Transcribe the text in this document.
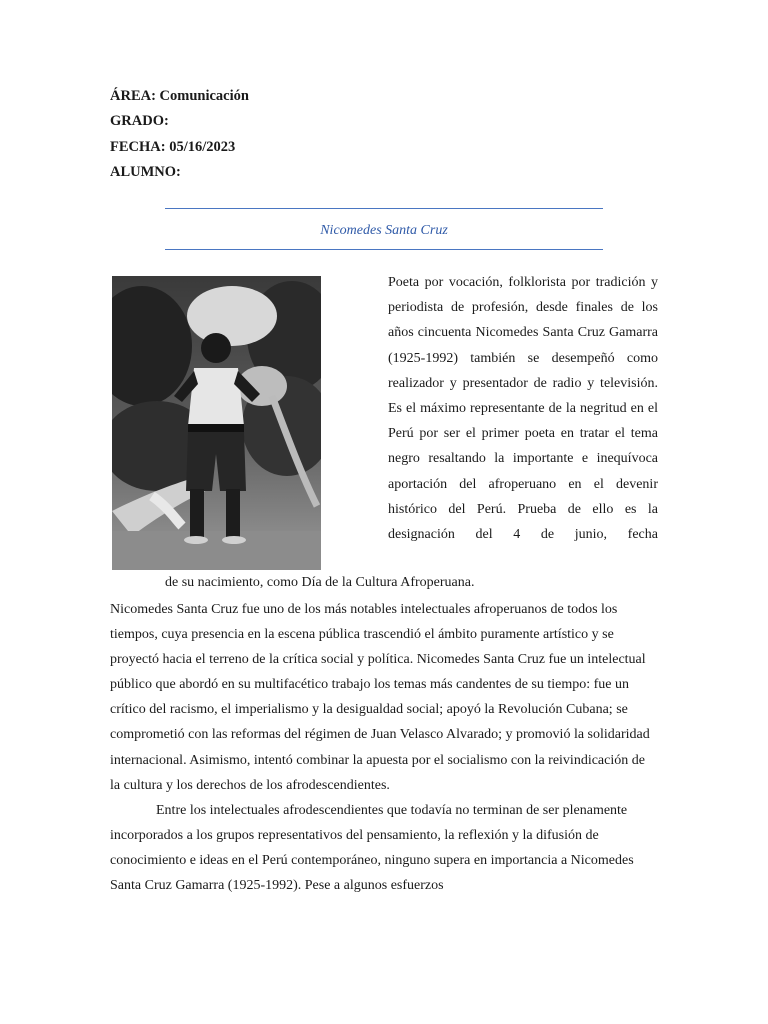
ÁREA: Comunicación
GRADO:
FECHA: 05/16/2023
ALUMNO:
Nicomedes Santa Cruz

Poeta por vocación, folklorista por tradición y periodista de profesión, desde finales de los años cincuenta Nicomedes Santa Cruz Gamarra (1925-1992) también se desempeñó como realizador y presentador de radio y televisión. Es el máximo representante de la negritud en el Perú por ser el primer poeta en tratar el tema negro resaltando la importante e inequívoca aportación del afroperuano en el devenir histórico del Perú. Prueba de ello es la designación del 4 de junio, fecha

de su nacimiento, como Día de la Cultura Afroperuana.

Nicomedes Santa Cruz fue uno de los más notables intelectuales afroperuanos de todos los tiempos, cuya presencia en la escena pública trascendió el ámbito puramente artístico y se proyectó hacia el terreno de la crítica social y política. Nicomedes Santa Cruz fue un intelectual público que abordó en su multifacético trabajo los temas más candentes de su tiempo: fue un crítico del racismo, el imperialismo y la desigualdad social; apoyó la Revolución Cubana; se comprometió con las reformas del régimen de Juan Velasco Alvarado; y promovió la solidaridad internacional. Asimismo, intentó combinar la apuesta por el socialismo con la reivindicación de la cultura y los derechos de los afrodescendientes.

Entre los intelectuales afrodescendientes que todavía no terminan de ser plenamente incorporados a los grupos representativos del pensamiento, la reflexión y la difusión de conocimiento e ideas en el Perú contemporáneo, ninguno supera en importancia a Nicomedes Santa Cruz Gamarra (1925-1992). Pese a algunos esfuerzos
